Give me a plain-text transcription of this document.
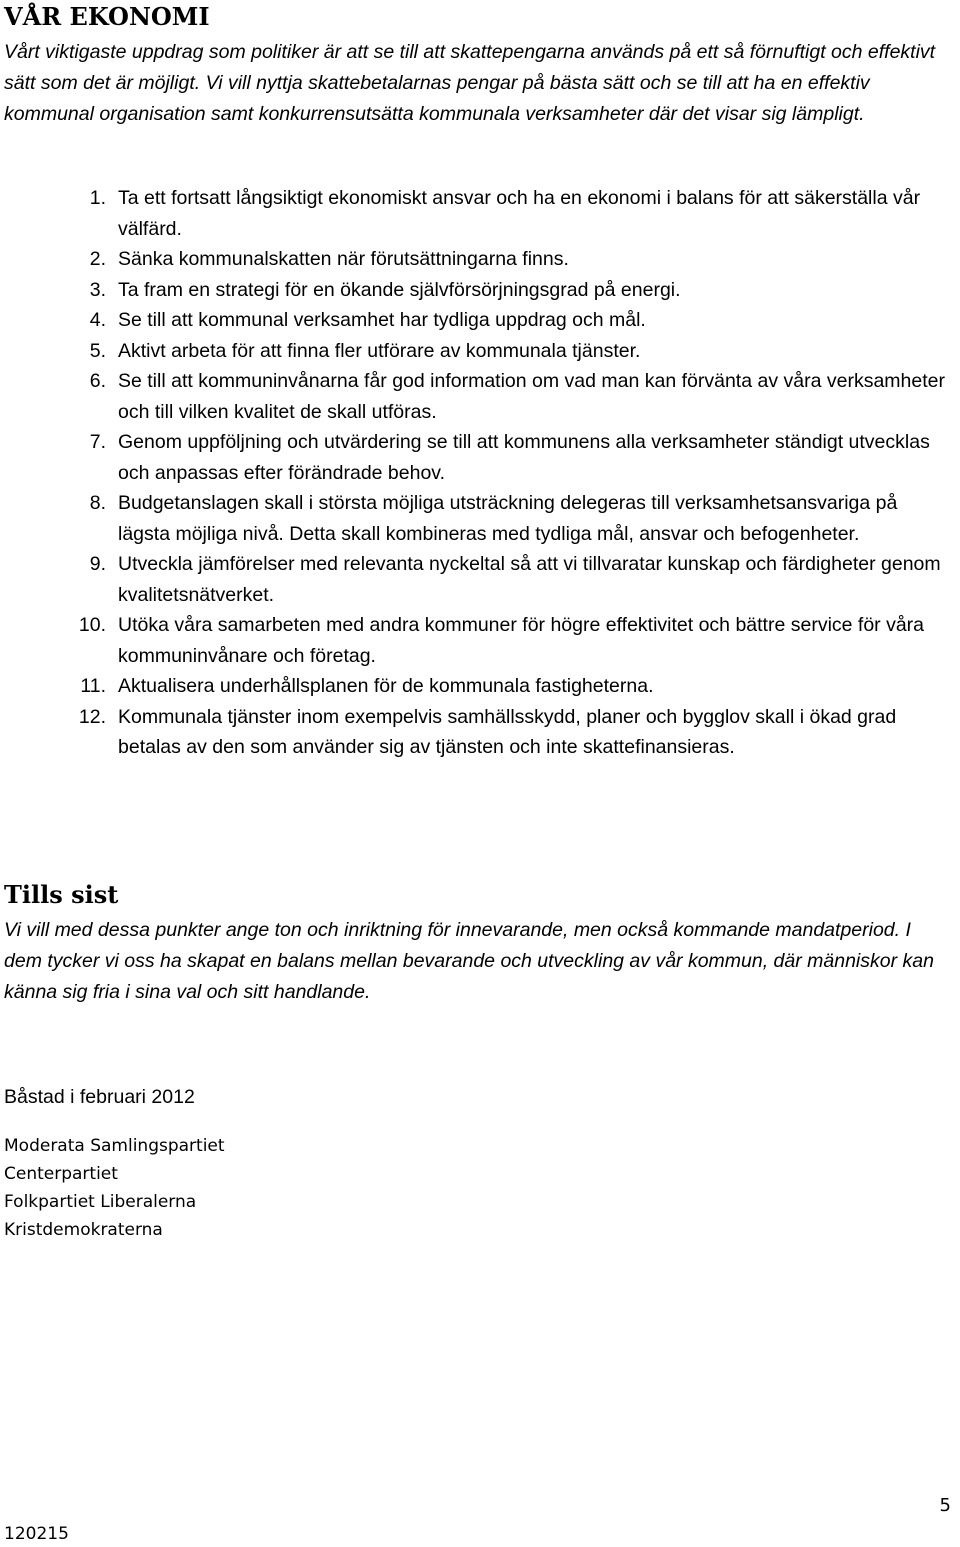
VÅR EKONOMI

Vårt viktigaste uppdrag som politiker är att se till att skattepengarna används på ett så förnuftigt och effektivt sätt som det är möjligt. Vi vill nyttja skattebetalarnas pengar på bästa sätt och se till att ha en effektiv kommunal organisation samt konkurrensutsätta kommunala verksamheter där det visar sig lämpligt.

1. Ta ett fortsatt långsiktigt ekonomiskt ansvar och ha en ekonomi i balans för att säkerställa vår välfärd.
2. Sänka kommunalskatten när förutsättningarna finns.
3. Ta fram en strategi för en ökande självförsörjningsgrad på energi.
4. Se till att kommunal verksamhet har tydliga uppdrag och mål.
5. Aktivt arbeta för att finna fler utförare av kommunala tjänster.
6. Se till att kommuninvånarna får god information om vad man kan förvänta av våra verksamheter och till vilken kvalitet de skall utföras.
7. Genom uppföljning och utvärdering se till att kommunens alla verksamheter ständigt utvecklas och anpassas efter förändrade behov.
8. Budgetanslagen skall i största möjliga utsträckning delegeras till verksamhetsansvariga på lägsta möjliga nivå. Detta skall kombineras med tydliga mål, ansvar och befogenheter.
9. Utveckla jämförelser med relevanta nyckeltal så att vi tillvaratar kunskap och färdigheter genom kvalitetsnätverket.
10. Utöka våra samarbeten med andra kommuner för högre effektivitet och bättre service för våra kommuninvånare och företag.
11. Aktualisera underhållsplanen för de kommunala fastigheterna.
12. Kommunala tjänster inom exempelvis samhällsskydd, planer och bygglov skall i ökad grad betalas av den som använder sig av tjänsten och inte skattefinansieras.
Tills sist

Vi vill med dessa punkter ange ton och inriktning för innevarande, men också kommande mandatperiod. I dem tycker vi oss ha skapat en balans mellan bevarande och utveckling av vår kommun, där människor kan känna sig fria i sina val och sitt handlande.

Båstad i februari 2012
Moderata Samlingspartiet
Centerpartiet
Folkpartiet Liberalerna
Kristdemokraterna
5
120215
